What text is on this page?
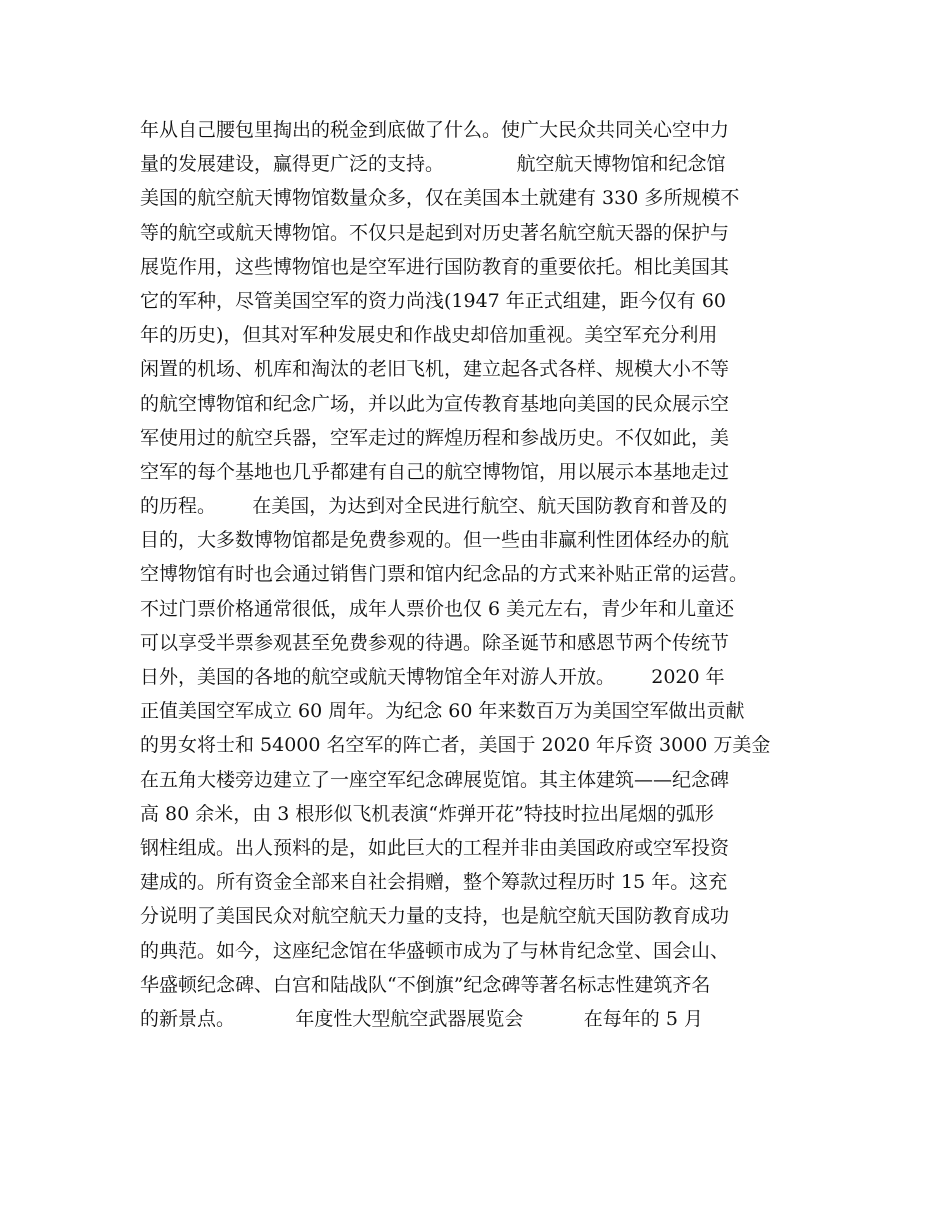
年从自己腰包里掏出的税金到底做了什么。使广大民众共同关心空中力
量的发展建设，赢得更广泛的支持。            航空航天博物馆和纪念馆
美国的航空航天博物馆数量众多，仅在美国本土就建有 330 多所规模不
等的航空或航天博物馆。不仅只是起到对历史著名航空航天器的保护与
展览作用，这些博物馆也是空军进行国防教育的重要依托。相比美国其
它的军种，尽管美国空军的资力尚浅(1947 年正式组建，距今仅有 60
年的历史)，但其对军种发展史和作战史却倍加重视。美空军充分利用
闲置的机场、机库和淘汰的老旧飞机，建立起各式各样、规模大小不等
的航空博物馆和纪念广场，并以此为宣传教育基地向美国的民众展示空
军使用过的航空兵器，空军走过的辉煌历程和参战历史。不仅如此，美
空军的每个基地也几乎都建有自己的航空博物馆，用以展示本基地走过
的历程。      在美国，为达到对全民进行航空、航天国防教育和普及的
目的，大多数博物馆都是免费参观的。但一些由非赢利性团体经办的航
空博物馆有时也会通过销售门票和馆内纪念品的方式来补贴正常的运营。
不过门票价格通常很低，成年人票价也仅 6 美元左右，青少年和儿童还
可以享受半票参观甚至免费参观的待遇。除圣诞节和感恩节两个传统节
日外，美国的各地的航空或航天博物馆全年对游人开放。      2020 年
正值美国空军成立 60 周年。为纪念 60 年来数百万为美国空军做出贡献
的男女将士和 54000 名空军的阵亡者，美国于 2020 年斥资 3000 万美金
在五角大楼旁边建立了一座空军纪念碑展览馆。其主体建筑——纪念碑
高 80 余米，由 3 根形似飞机表演“炸弹开花”特技时拉出尾烟的弧形
钢柱组成。出人预料的是，如此巨大的工程并非由美国政府或空军投资
建成的。所有资金全部来自社会捐赠，整个筹款过程历时 15 年。这充
分说明了美国民众对航空航天力量的支持，也是航空航天国防教育成功
的典范。如今，这座纪念馆在华盛顿市成为了与林肯纪念堂、国会山、
华盛顿纪念碑、白宫和陆战队“不倒旗”纪念碑等著名标志性建筑齐名
的新景点。          年度性大型航空武器展览会          在每年的 5 月
